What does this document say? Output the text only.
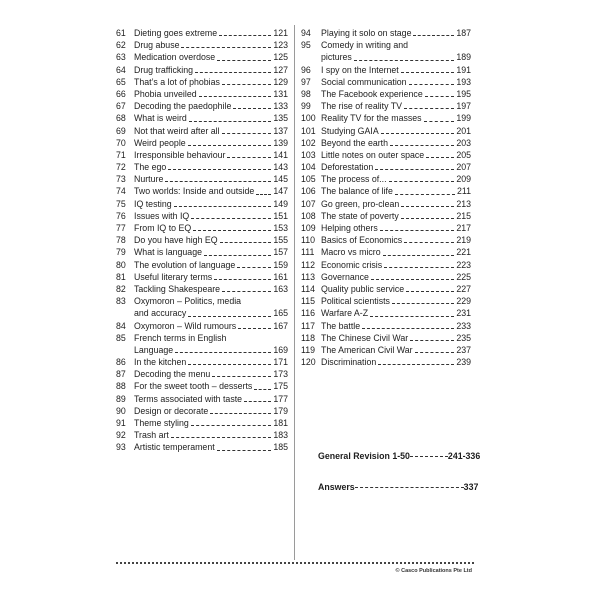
61 Dieting goes extreme	121
62 Drug abuse	123
63 Medication overdose	125
64 Drug trafficking	127
65 That’s a lot of phobias	129
66 Phobia unveiled	131
67 Decoding the paedophile	133
68 What is weird	135
69 Not that weird after all	137
70 Weird people	139
71 Irresponsible behaviour	141
72 The ego	143
73 Nurture	145
74 Two worlds: Inside and outside 147
75 IQ testing	149
76 Issues with IQ	151
77 From IQ to EQ	153
78 Do you have high EQ	155
79 What is language	157
80 The evolution of language	159
81 Useful literary terms	161
82 Tackling Shakespeare	163
83 Oxymoron – Politics, media
and accuracy	165
84 Oxymoron – Wild rumours	167
85 French terms in English
Language	169
86 In the kitchen	171
87 Decoding the menu	173
88 For the sweet tooth – desserts 175
89 Terms associated with taste	177
90 Design or decorate	179
91 Theme styling	181
92 Trash art	183
93 Artistic temperament	185
94 Playing it solo on stage	187
95 Comedy in writing and
pictures	189
96 I spy on the Internet	191
97 Social communication	193
98 The Facebook experience	195
99 The rise of reality TV	197
100 Reality TV for the masses	199
101 Studying GAIA	201
102 Beyond the earth	203
103 Little notes on outer space	205
104 Deforestation	207
105 The process of...	209
106 The balance of life	211
107 Go green, pro-clean	213
108 The state of poverty	215
109 Helping others	217
110 Basics of Economics	219
111 Macro vs micro	221
112 Economic crisis	223
113 Governance	225
114 Quality public service	227
115 Political scientists	229
116 Warfare A-Z	231
117 The battle	233
118 The Chinese Civil War	235
119 The American Civil War	237
120 Discrimination	239
General Revision 1-50	241-336
Answers	337
© Casco Publications Pte Ltd
